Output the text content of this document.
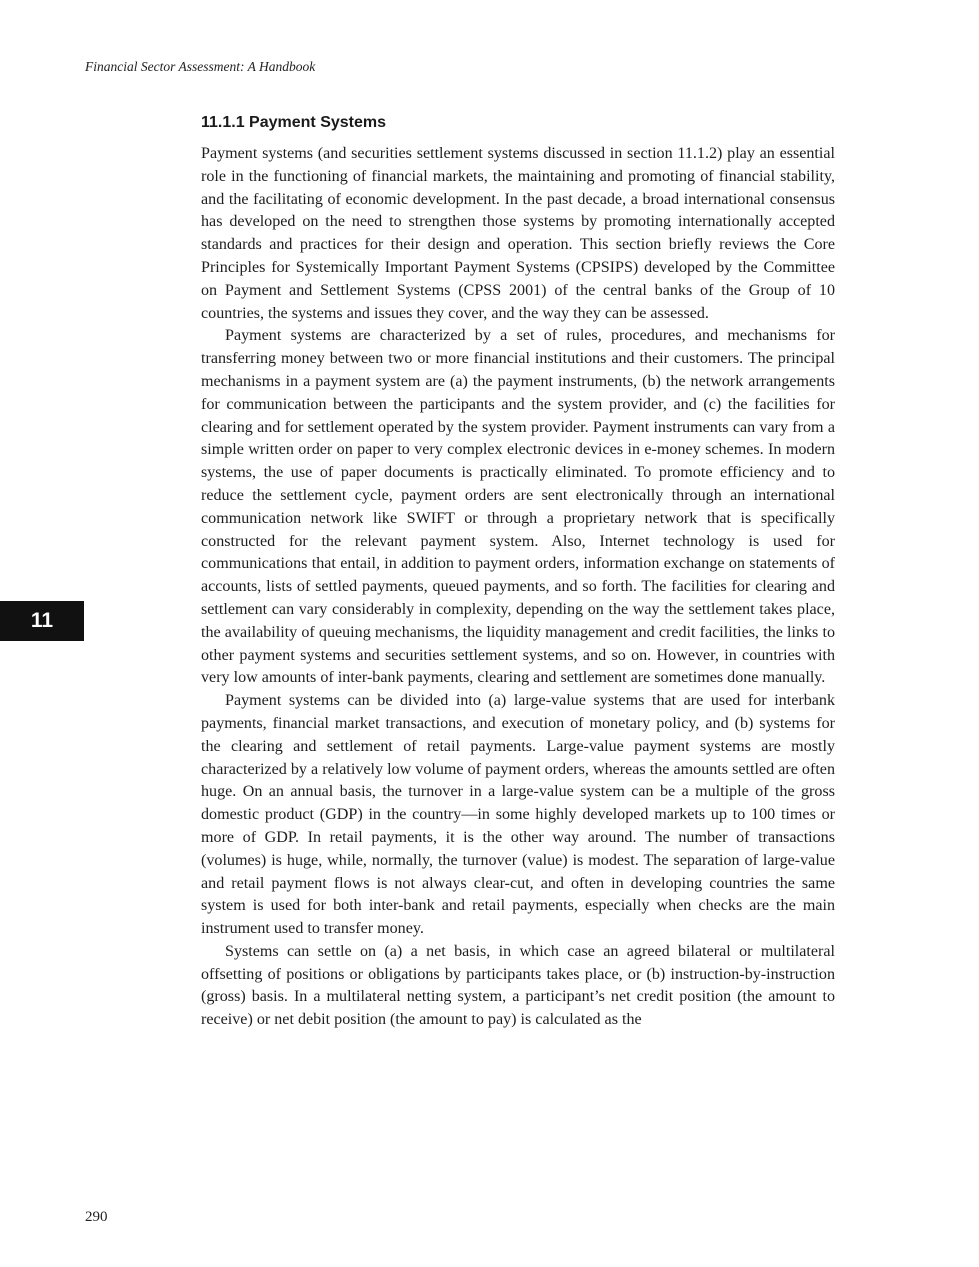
Financial Sector Assessment: A Handbook
11
11.1.1 Payment Systems

Payment systems (and securities settlement systems discussed in section 11.1.2) play an essential role in the functioning of financial markets, the maintaining and promoting of financial stability, and the facilitating of economic development. In the past decade, a broad international consensus has developed on the need to strengthen those systems by promoting internationally accepted standards and practices for their design and operation. This section briefly reviews the Core Principles for Systemically Important Payment Systems (CPSIPS) developed by the Committee on Payment and Settlement Systems (CPSS 2001) of the central banks of the Group of 10 countries, the systems and issues they cover, and the way they can be assessed.

Payment systems are characterized by a set of rules, procedures, and mechanisms for transferring money between two or more financial institutions and their customers. The principal mechanisms in a payment system are (a) the payment instruments, (b) the network arrangements for communication between the participants and the system provider, and (c) the facilities for clearing and for settlement operated by the system provider. Payment instruments can vary from a simple written order on paper to very complex electronic devices in e-money schemes. In modern systems, the use of paper documents is practically eliminated. To promote efficiency and to reduce the settlement cycle, payment orders are sent electronically through an international communication network like SWIFT or through a proprietary network that is specifically constructed for the relevant payment system. Also, Internet technology is used for communications that entail, in addition to payment orders, information exchange on statements of accounts, lists of settled payments, queued payments, and so forth. The facilities for clearing and settlement can vary considerably in complexity, depending on the way the settlement takes place, the availability of queuing mechanisms, the liquidity management and credit facilities, the links to other payment systems and securities settlement systems, and so on. However, in countries with very low amounts of inter-bank payments, clearing and settlement are sometimes done manually.

Payment systems can be divided into (a) large-value systems that are used for interbank payments, financial market transactions, and execution of monetary policy, and (b) systems for the clearing and settlement of retail payments. Large-value payment systems are mostly characterized by a relatively low volume of payment orders, whereas the amounts settled are often huge. On an annual basis, the turnover in a large-value system can be a multiple of the gross domestic product (GDP) in the country—in some highly developed markets up to 100 times or more of GDP. In retail payments, it is the other way around. The number of transactions (volumes) is huge, while, normally, the turnover (value) is modest. The separation of large-value and retail payment flows is not always clear-cut, and often in developing countries the same system is used for both inter-bank and retail payments, especially when checks are the main instrument used to transfer money.

Systems can settle on (a) a net basis, in which case an agreed bilateral or multilateral offsetting of positions or obligations by participants takes place, or (b) instruction-by-instruction (gross) basis. In a multilateral netting system, a participant’s net credit position (the amount to receive) or net debit position (the amount to pay) is calculated as the

290
